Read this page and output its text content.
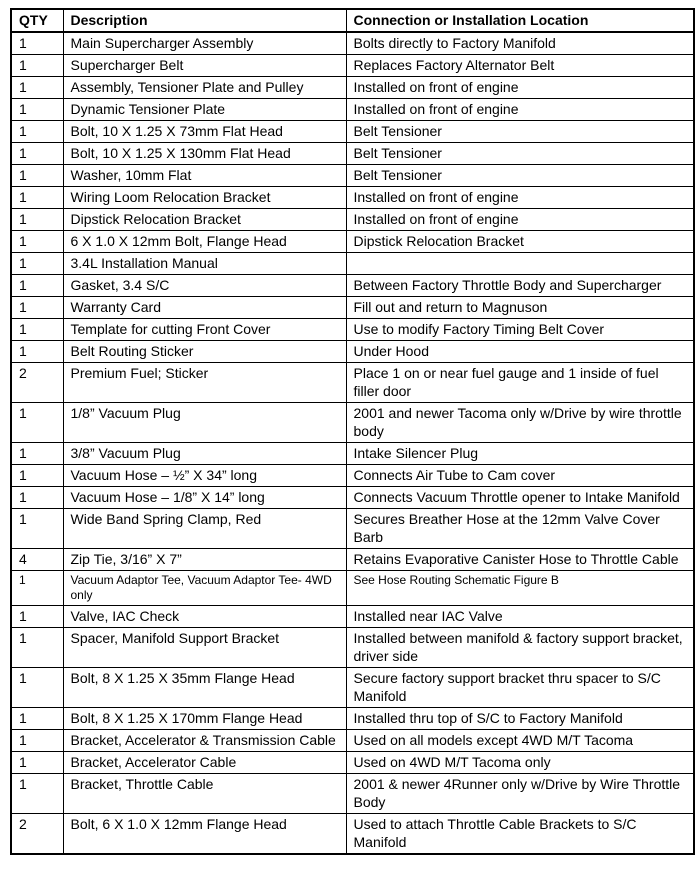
QTY	Description	Connection or Installation Location
1	Main Supercharger Assembly	Bolts directly to Factory Manifold
1	Supercharger Belt	Replaces Factory Alternator Belt
1	Assembly, Tensioner Plate and Pulley	Installed on front of engine
1	Dynamic Tensioner Plate	Installed on front of engine
1	Bolt, 10 X 1.25 X 73mm Flat Head	Belt Tensioner
1	Bolt, 10 X 1.25 X 130mm Flat Head	Belt Tensioner
1	Washer, 10mm Flat	Belt Tensioner
1	Wiring Loom Relocation Bracket	Installed on front of engine
1	Dipstick Relocation Bracket	Installed on front of engine
1	6 X 1.0 X 12mm Bolt, Flange Head	Dipstick Relocation Bracket
1	3.4L Installation Manual	
1	Gasket, 3.4 S/C	Between Factory Throttle Body and Supercharger
1	Warranty Card	Fill out and return to Magnuson
1	Template for cutting Front Cover	Use to modify Factory Timing Belt Cover
1	Belt Routing Sticker	Under Hood
2	Premium Fuel; Sticker	Place 1 on or near fuel gauge and 1 inside of fuel filler door
1	1/8” Vacuum Plug	2001 and newer Tacoma only w/Drive by wire throttle body
1	3/8” Vacuum Plug	Intake Silencer Plug
1	Vacuum Hose – ½” X 34” long	Connects Air Tube to Cam cover
1	Vacuum Hose – 1/8” X 14” long	Connects Vacuum Throttle opener to Intake Manifold
1	Wide Band Spring Clamp, Red	Secures Breather Hose at the 12mm Valve Cover Barb
4	Zip Tie, 3/16” X 7”	Retains Evaporative Canister Hose to Throttle Cable
1	Vacuum Adaptor Tee, Vacuum Adaptor Tee- 4WD only	See Hose Routing Schematic Figure B
1	Valve, IAC Check	Installed near IAC Valve
1	Spacer, Manifold Support Bracket	Installed between manifold & factory support bracket, driver side
1	Bolt, 8 X 1.25 X 35mm Flange Head	Secure factory support bracket thru spacer to S/C Manifold
1	Bolt, 8 X 1.25 X 170mm Flange Head	Installed thru top of S/C to Factory Manifold
1	Bracket, Accelerator & Transmission Cable	Used on all models except 4WD M/T Tacoma
1	Bracket, Accelerator Cable	Used on 4WD M/T Tacoma only
1	Bracket, Throttle Cable	2001 & newer 4Runner only w/Drive by Wire Throttle Body
2	Bolt, 6 X 1.0 X 12mm Flange Head	Used to attach Throttle Cable Brackets to S/C Manifold
